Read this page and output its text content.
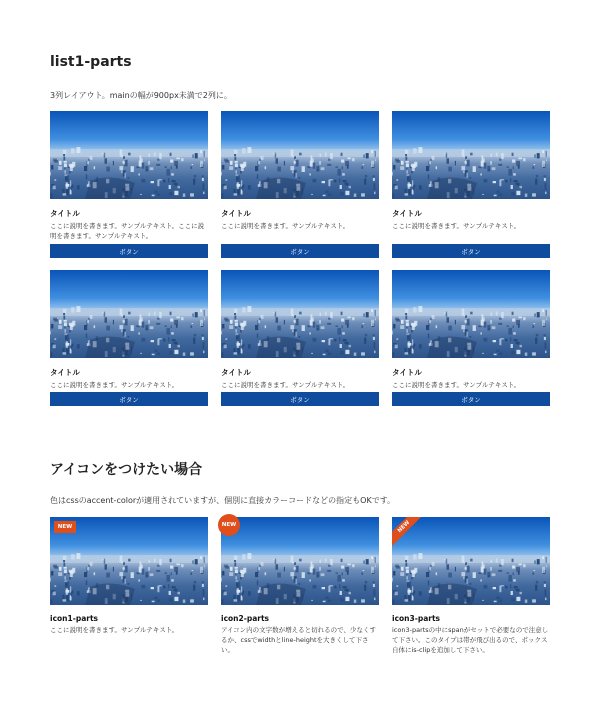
list1-parts
3列レイアウト。mainの幅が900px未満で2列に。
タイトル
ここに説明を書きます。サンプルテキスト。ここに説明を書きます。サンプルテキスト。
ボタン
タイトル
ここに説明を書きます。サンプルテキスト。
ボタン
タイトル
ここに説明を書きます。サンプルテキスト。
ボタン
タイトル
ここに説明を書きます。サンプルテキスト。
ボタン
タイトル
ここに説明を書きます。サンプルテキスト。
ボタン
タイトル
ここに説明を書きます。サンプルテキスト。
ボタン
アイコンをつけたい場合
色はcssのaccent-colorが適用されていますが、個別に直接カラーコードなどの指定もOKです。
NEW
icon1-parts
ここに説明を書きます。サンプルテキスト。
NEW
icon2-parts
アイコン内の文字数が増えると切れるので、少なくするか、cssでwidthとline-heightを大きくして下さい。
NEW
icon3-parts
icon3-partsの中にspanがセットで必要なので注意して下さい。このタイプは帯が飛び出るので、ボックス自体にis-clipを追加して下さい。
